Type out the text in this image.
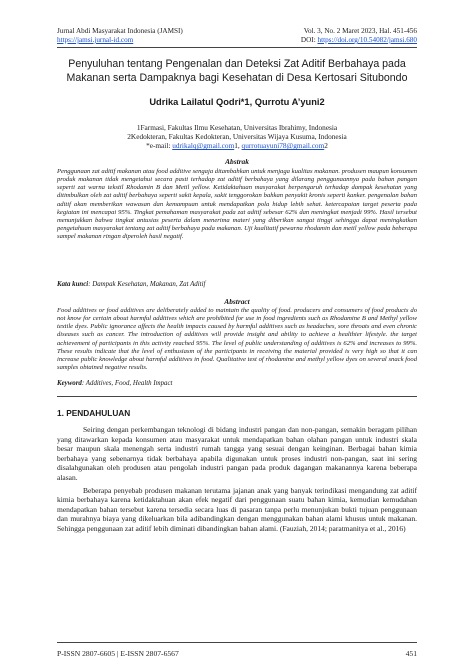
Jurnal Abdi Masyarakat Indonesia (JAMSI)
https://jamsi.jurnal-id.com
Vol. 3, No. 2 Maret 2023, Hal. 451-456
DOI: https://doi.org/10.54082/jamsi.680
Penyuluhan tentang Pengenalan dan Deteksi Zat Aditif Berbahaya pada
Makanan serta Dampaknya bagi Kesehatan di Desa Kertosari Situbondo
Udrika Lailatul Qodri*1, Qurrotu A’yuni2
1Farmasi, Fakultas Ilmu Kesehatan, Universitas Ibrahimy, Indonesia
2Kedokteran, Fakultas Kedokteran, Universitas Wijaya Kusuma, Indonesia
*e-mail: udrikalq@gmail.com1, qurrotuayuni78@gmail.com2
Abstrak
Penggunaan zat aditif makanan atau food additive sengaja ditambahkan untuk menjaga kualitas makanan. produsen maupun konsumen produk makanan tidak mengetahui secara pasti terhadap zat aditif berbahaya yang dilarang penggunaannya pada bahan pangan seperti zat warna tekstil Rhodamin B dan Metil yellow. Ketidaktahuan masyarakat berpengaruh terhadap dampak kesehatan yang ditimbulkan oleh zat aditif berbahaya seperti sakit kepala, sakit tenggorokan bahkan penyakit kronis seperti kanker. pengenalan bahan aditif akan memberikan wawasan dan kemampuan untuk mendapatkan pola hidup lebih sehat. ketercapaian target peserta pada kegiatan ini mencapai 95%. Tingkat pemahaman masyarakat pada zat aditif sebesar 62% dan meningkat menjadi 99%. Hasil tersebut menunjukkan bahwa tingkat antusias peserta dalam menerima materi yang diberikan sangat tinggi sehingga dapat meningkatkan pengetahuan masyarakat tentang zat aditif berbahaya pada makanan. Uji kualitatif pewarna rhodamin dan metil yellow pada beberapa sampel makanan ringan diperoleh hasil negatif.
Kata kunci: Dampak Kesehatan, Makanan, Zat Aditif
Abstract
Food additives or food additives are deliberately added to maintain the quality of food. producers and consumers of food products do not know for certain about harmful additives which are prohibited for use in food ingredients such as Rhodamine B and Methyl yellow textile dyes. Public ignorance affects the health impacts caused by harmful additives such as headaches, sore throats and even chronic diseases such as cancer. The introduction of additives will provide insight and ability to achieve a healthier lifestyle. the target achievement of participants in this activity reached 95%. The level of public understanding of additives is 62% and increases to 99%. These results indicate that the level of enthusiasm of the participants in receiving the material provided is very high so that it can increase public knowledge about harmful additives in food. Qualitative test of rhodamine and methyl yellow dyes on several snack food samples obtained negative results.
Keyword: Additives, Food, Health Impact
1. PENDAHULUAN

Seiring dengan perkembangan teknologi di bidang industri pangan dan non-pangan, semakin beragam pilihan yang ditawarkan kepada konsumen atau masyarakat untuk mendapatkan bahan olahan pangan untuk industri skala besar maupun skala menengah serta industri rumah tangga yang sesuai dengan keinginan. Berbagai bahan kimia berbahaya yang sebenarnya tidak berbahaya apabila digunakan untuk proses industri non-pangan, saat ini sering disalahgunakan oleh produsen atau pengolah industri pangan pada produk dagangan makanannya karena beberapa alasan.

Beberapa penyebab produsen makanan terutama jajanan anak yang banyak terindikasi mengandung zat aditif kimia berbahaya karena ketidaktahuan akan efek negatif dari penggunaan suatu bahan kimia, kemudian kemudahan mendapatkan bahan tersebut karena tersedia secara luas di pasaran tanpa perlu menunjukan bukti tujuan penggunaan dan murahnya biaya yang dikeluarkan bila adibandingkan dengan menggunakan bahan alami khusus untuk makanan. Sehingga penggunaan zat aditif lebih diminati dibandingkan bahan alami. (Fauziah, 2014; paratmanitya et al., 2016)

P-ISSN 2807-6605 | E-ISSN 2807-6567	451
